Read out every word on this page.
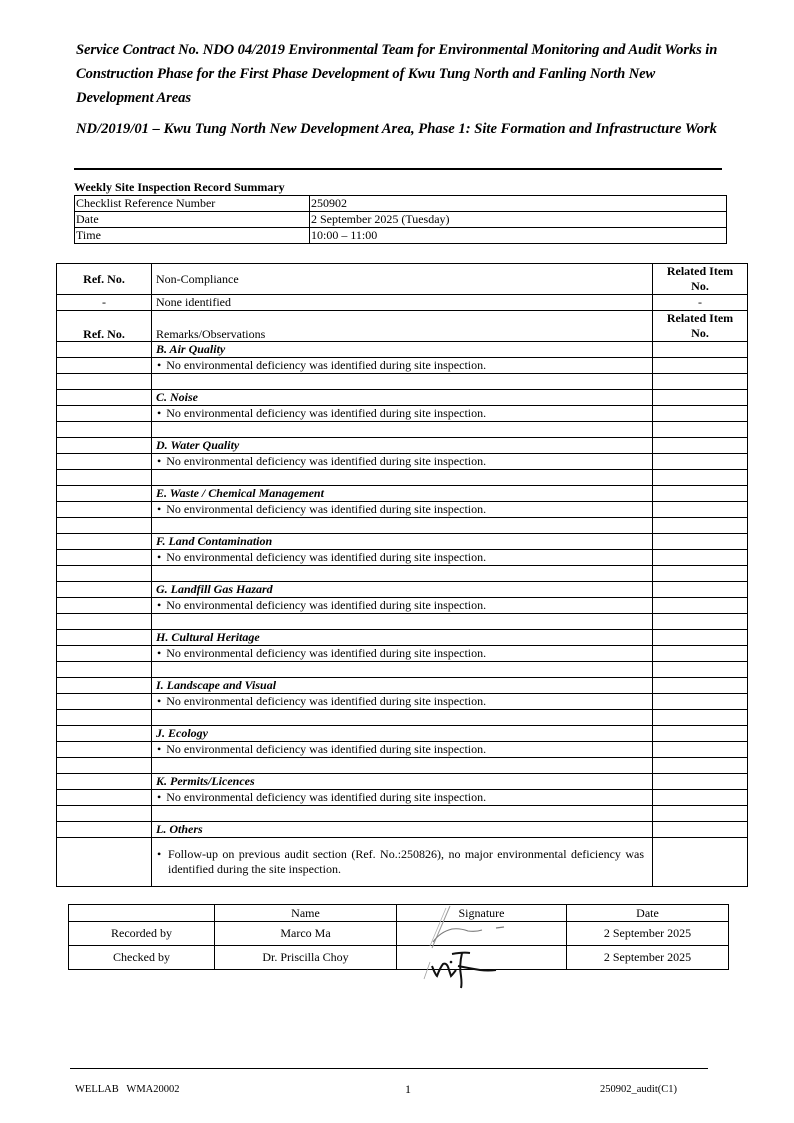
Service Contract No. NDO 04/2019 Environmental Team for Environmental Monitoring and Audit Works in Construction Phase for the First Phase Development of Kwu Tung North and Fanling North New Development Areas
ND/2019/01 – Kwu Tung North New Development Area, Phase 1: Site Formation and Infrastructure Work
Weekly Site Inspection Record Summary
Checklist Reference Number	250902
Date	2 September 2025 (Tuesday)
Time	10:00 – 11:00
Ref. No.	Non-Compliance	Related Item No.
-	None identified	-
Ref. No.	Remarks/Observations	Related Item No.
	B. Air Quality	
	• No environmental deficiency was identified during site inspection.	

	C. Noise	
	• No environmental deficiency was identified during site inspection.	

	D. Water Quality	
	• No environmental deficiency was identified during site inspection.	

	E. Waste / Chemical Management	
	• No environmental deficiency was identified during site inspection.	

	F. Land Contamination	
	• No environmental deficiency was identified during site inspection.	

	G. Landfill Gas Hazard	
	• No environmental deficiency was identified during site inspection.	

	H. Cultural Heritage	
	• No environmental deficiency was identified during site inspection.	

	I. Landscape and Visual	
	• No environmental deficiency was identified during site inspection.	

	J. Ecology	
	• No environmental deficiency was identified during site inspection.	

	K. Permits/Licences	
	• No environmental deficiency was identified during site inspection.	

	L. Others	

	• Follow-up on previous audit section (Ref. No.:250826), no major environmental deficiency was identified during the site inspection.	

	Name	Signature	Date
Recorded by	Marco Ma		2 September 2025
Checked by	Dr. Priscilla Choy		2 September 2025
WELLAB   WMA20002	1	250902_audit(C1)
